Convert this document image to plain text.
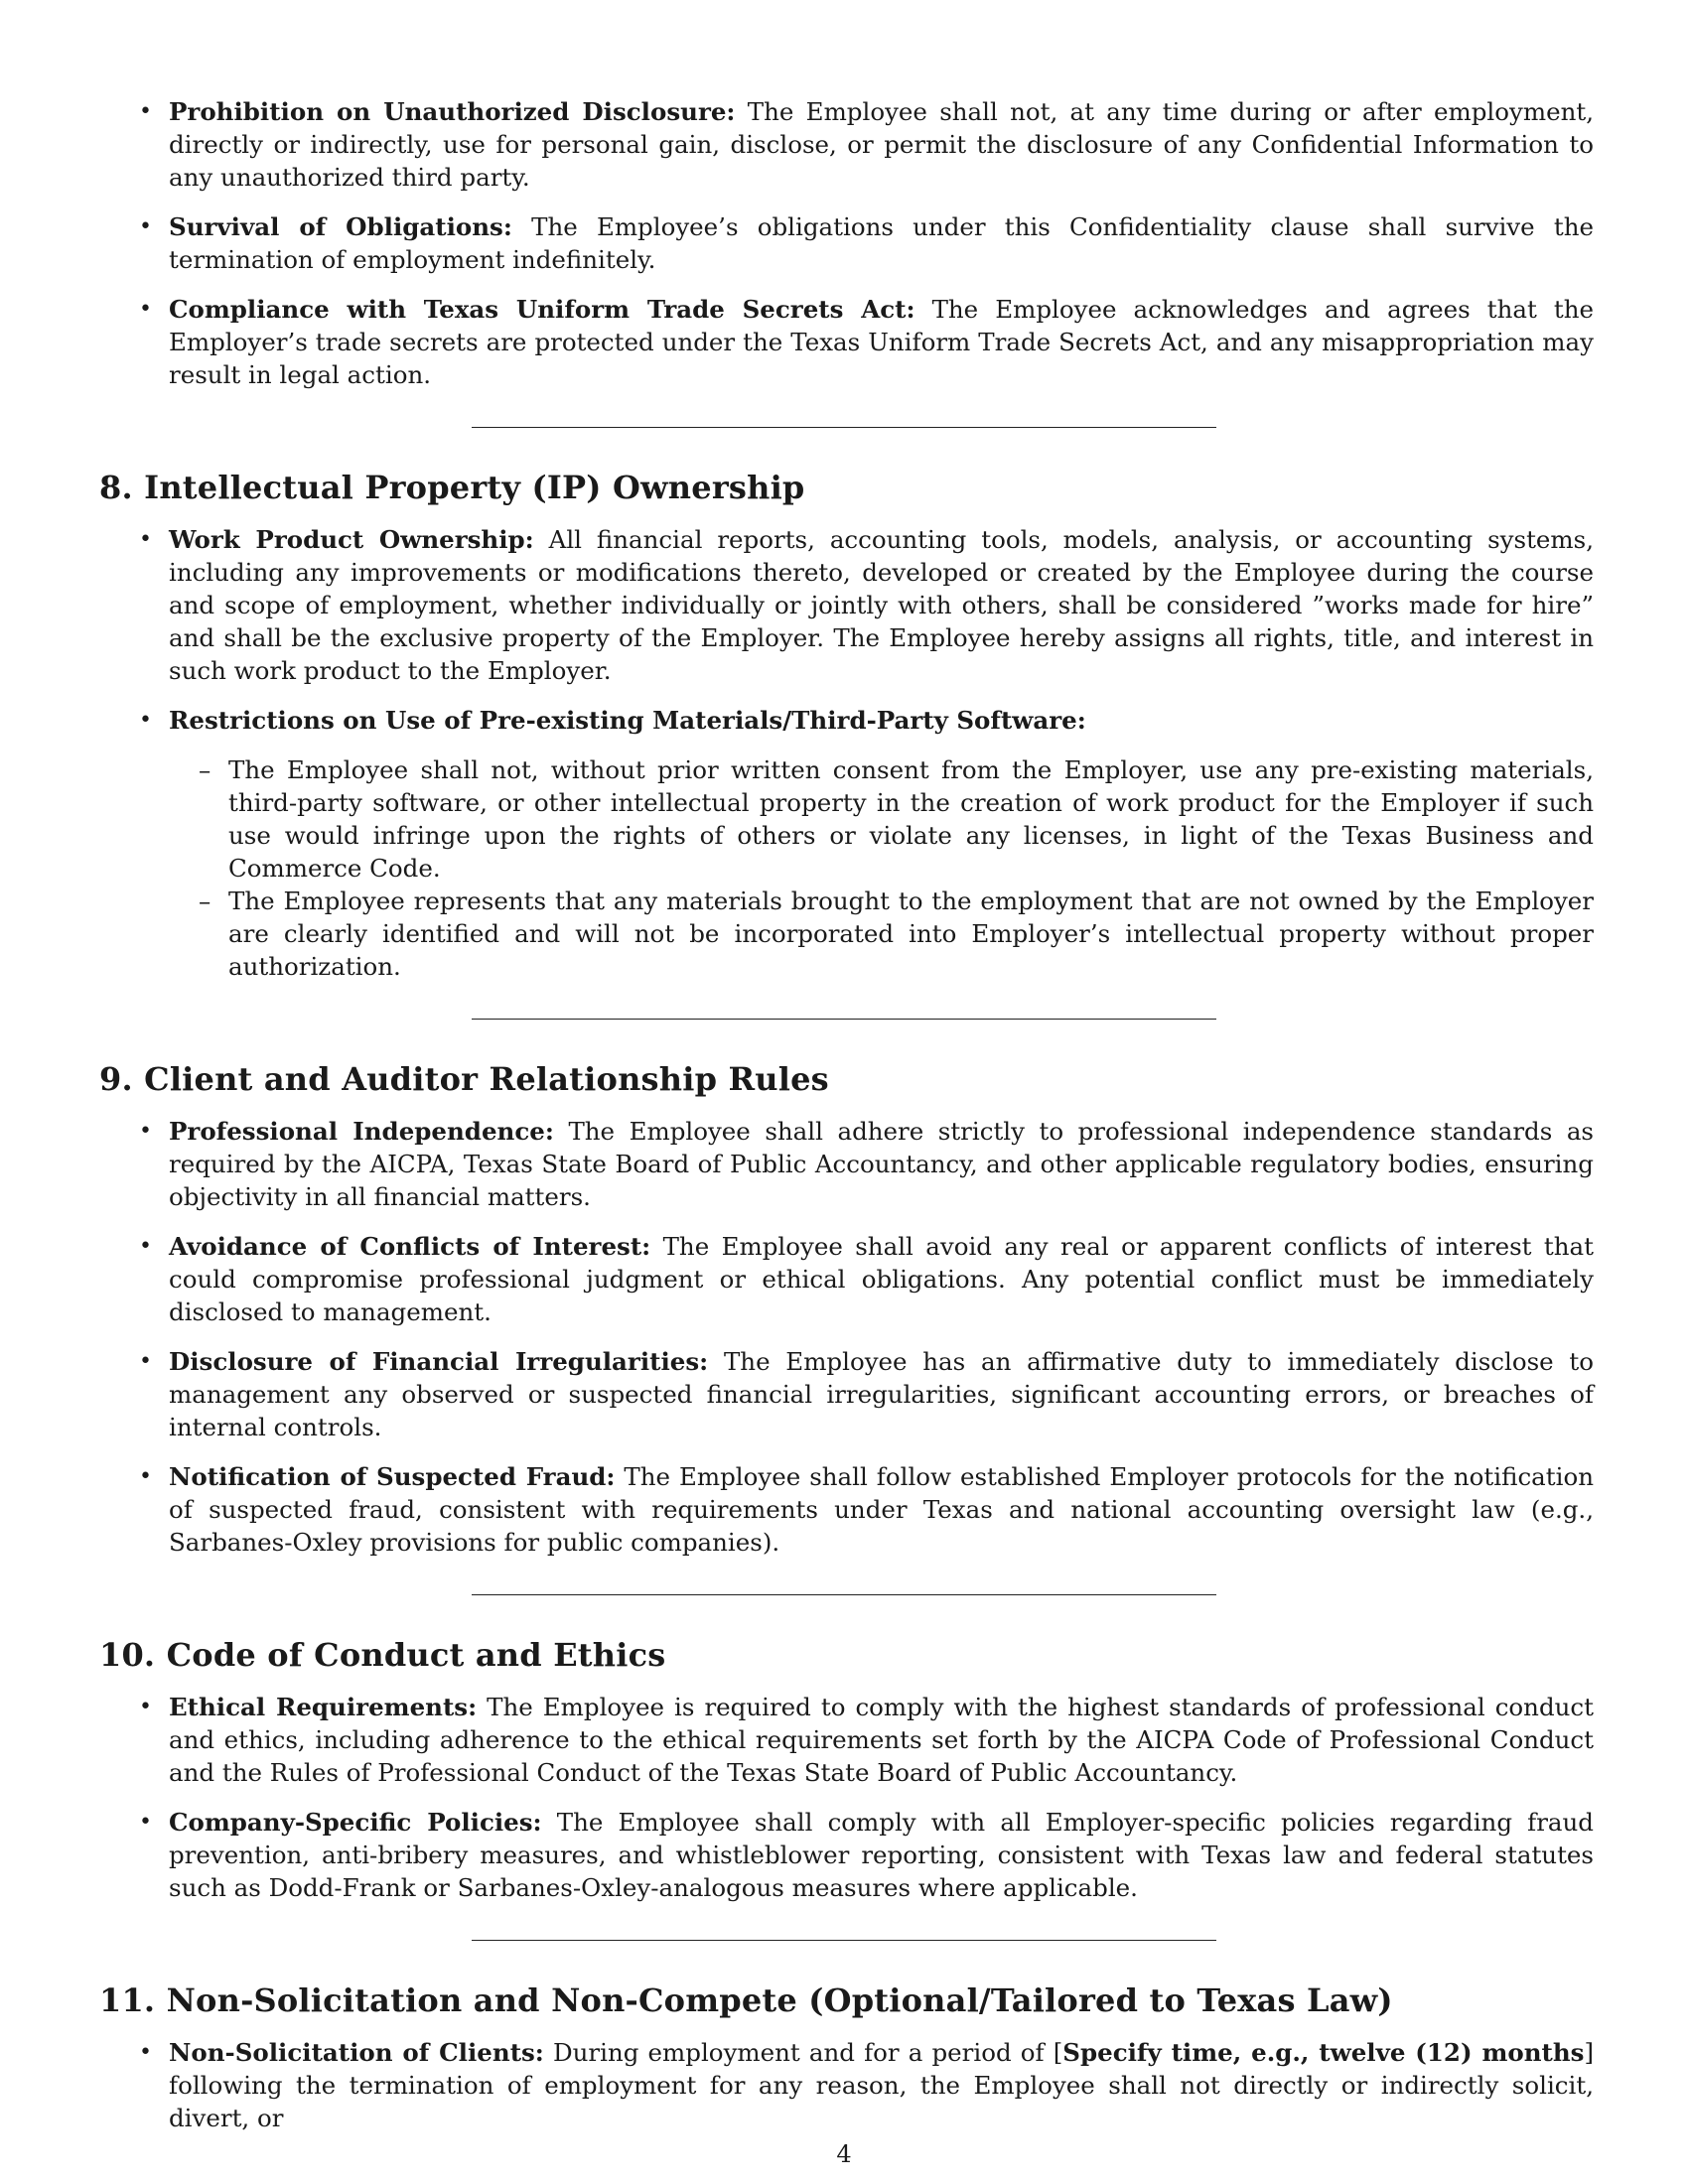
• Prohibition on Unauthorized Disclosure: The Employee shall not, at any time during or after employment, directly or indirectly, use for personal gain, disclose, or permit the disclosure of any Confidential Information to any unauthorized third party.
• Survival of Obligations: The Employee’s obligations under this Confidentiality clause shall survive the termination of employment indefinitely.
• Compliance with Texas Uniform Trade Secrets Act: The Employee acknowledges and agrees that the Employer’s trade secrets are protected under the Texas Uniform Trade Secrets Act, and any misappropriation may result in legal action.
8. Intellectual Property (IP) Ownership
• Work Product Ownership: All financial reports, accounting tools, models, analysis, or accounting systems, including any improvements or modifications thereto, developed or created by the Employee during the course and scope of employment, whether individually or jointly with others, shall be considered ”works made for hire” and shall be the exclusive property of the Employer. The Employee hereby assigns all rights, title, and interest in such work product to the Employer.
• Restrictions on Use of Pre-existing Materials/Third-Party Software:
– The Employee shall not, without prior written consent from the Employer, use any pre-existing materials, third-party software, or other intellectual property in the creation of work product for the Employer if such use would infringe upon the rights of others or violate any licenses, in light of the Texas Business and Commerce Code.
– The Employee represents that any materials brought to the employment that are not owned by the Employer are clearly identified and will not be incorporated into Employer’s intellectual property without proper authorization.
9. Client and Auditor Relationship Rules
• Professional Independence: The Employee shall adhere strictly to professional independence standards as required by the AICPA, Texas State Board of Public Accountancy, and other applicable regulatory bodies, ensuring objectivity in all financial matters.
• Avoidance of Conflicts of Interest: The Employee shall avoid any real or apparent conflicts of interest that could compromise professional judgment or ethical obligations. Any potential conflict must be immediately disclosed to management.
• Disclosure of Financial Irregularities: The Employee has an affirmative duty to immediately disclose to management any observed or suspected financial irregularities, significant accounting errors, or breaches of internal controls.
• Notification of Suspected Fraud: The Employee shall follow established Employer protocols for the notification of suspected fraud, consistent with requirements under Texas and national accounting oversight law (e.g., Sarbanes-Oxley provisions for public companies).
10. Code of Conduct and Ethics
• Ethical Requirements: The Employee is required to comply with the highest standards of professional conduct and ethics, including adherence to the ethical requirements set forth by the AICPA Code of Professional Conduct and the Rules of Professional Conduct of the Texas State Board of Public Accountancy.
• Company-Specific Policies: The Employee shall comply with all Employer-specific policies regarding fraud prevention, anti-bribery measures, and whistleblower reporting, consistent with Texas law and federal statutes such as Dodd-Frank or Sarbanes-Oxley-analogous measures where applicable.
11. Non-Solicitation and Non-Compete (Optional/Tailored to Texas Law)
• Non-Solicitation of Clients: During employment and for a period of [Specify time, e.g., twelve (12) months] following the termination of employment for any reason, the Employee shall not directly or indirectly solicit, divert, or
4
